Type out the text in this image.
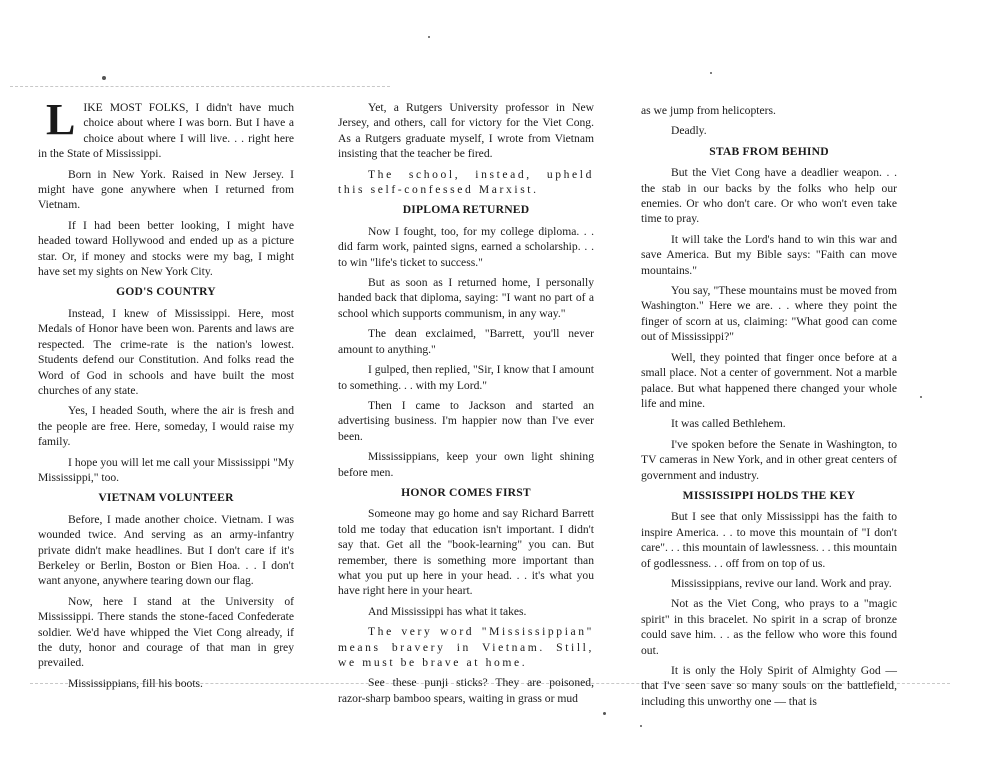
LIKE MOST FOLKS, I didn't have much choice about where I was born. But I have a choice about where I will live. . . right here in the State of Mississippi.

Born in New York. Raised in New Jersey. I might have gone anywhere when I returned from Vietnam.

If I had been better looking, I might have headed toward Hollywood and ended up as a picture star. Or, if money and stocks were my bag, I might have set my sights on New York City.

GOD'S COUNTRY

Instead, I knew of Mississippi. Here, most Medals of Honor have been won. Parents and laws are respected. The crime-rate is the nation's lowest. Students defend our Constitution. And folks read the Word of God in schools and have built the most churches of any state.

Yes, I headed South, where the air is fresh and the people are free. Here, someday, I would raise my family.

I hope you will let me call your Mississippi "My Mississippi," too.

VIETNAM VOLUNTEER

Before, I made another choice. Vietnam. I was wounded twice. And serving as an army-infantry private didn't make headlines. But I don't care if it's Berkeley or Berlin, Boston or Bien Hoa. . . I don't want anyone, anywhere tearing down our flag.

Now, here I stand at the University of Mississippi. There stands the stone-faced Confederate soldier. We'd have whipped the Viet Cong already, if the duty, honor and courage of that man in grey prevailed.

Mississippians, fill his boots.

Yet, a Rutgers University professor in New Jersey, and others, call for victory for the Viet Cong. As a Rutgers graduate myself, I wrote from Vietnam insisting that the teacher be fired.

The school, instead, upheld this self-confessed Marxist.

DIPLOMA RETURNED

Now I fought, too, for my college diploma. . . did farm work, painted signs, earned a scholarship. . . to win "life's ticket to success."

But as soon as I returned home, I personally handed back that diploma, saying: "I want no part of a school which supports communism, in any way."

The dean exclaimed, "Barrett, you'll never amount to anything."

I gulped, then replied, "Sir, I know that I amount to something. . . with my Lord."

Then I came to Jackson and started an advertising business. I'm happier now than I've ever been.

Mississippians, keep your own light shining before men.

HONOR COMES FIRST

Someone may go home and say Richard Barrett told me today that education isn't important. I didn't say that. Get all the "book-learning" you can. But remember, there is something more important than what you put up here in your head. . . it's what you have right here in your heart.

And Mississippi has what it takes.

The very word "Mississippian" means bravery in Vietnam. Still, we must be brave at home.

See these punji sticks? They are poisoned, razor-sharp bamboo spears, waiting in grass or mud

as we jump from helicopters.

Deadly.

STAB FROM BEHIND

But the Viet Cong have a deadlier weapon. . . the stab in our backs by the folks who help our enemies. Or who don't care. Or who won't even take time to pray.

It will take the Lord's hand to win this war and save America. But my Bible says: "Faith can move mountains."

You say, "These mountains must be moved from Washington." Here we are. . . where they point the finger of scorn at us, claiming: "What good can come out of Mississippi?"

Well, they pointed that finger once before at a small place. Not a center of government. Not a marble palace. But what happened there changed your whole life and mine.

It was called Bethlehem.

I've spoken before the Senate in Washington, to TV cameras in New York, and in other great centers of government and industry.

MISSISSIPPI HOLDS THE KEY

But I see that only Mississippi has the faith to inspire America. . . to move this mountain of "I don't care". . . this mountain of lawlessness. . . this mountain of godlessness. . . off from on top of us.

Mississippians, revive our land. Work and pray.

Not as the Viet Cong, who prays to a "magic spirit" in this bracelet. No spirit in a scrap of bronze could save him. . . as the fellow who wore this found out.

It is only the Holy Spirit of Almighty God — that I've seen save so many souls on the battlefield, including this unworthy one — that is
